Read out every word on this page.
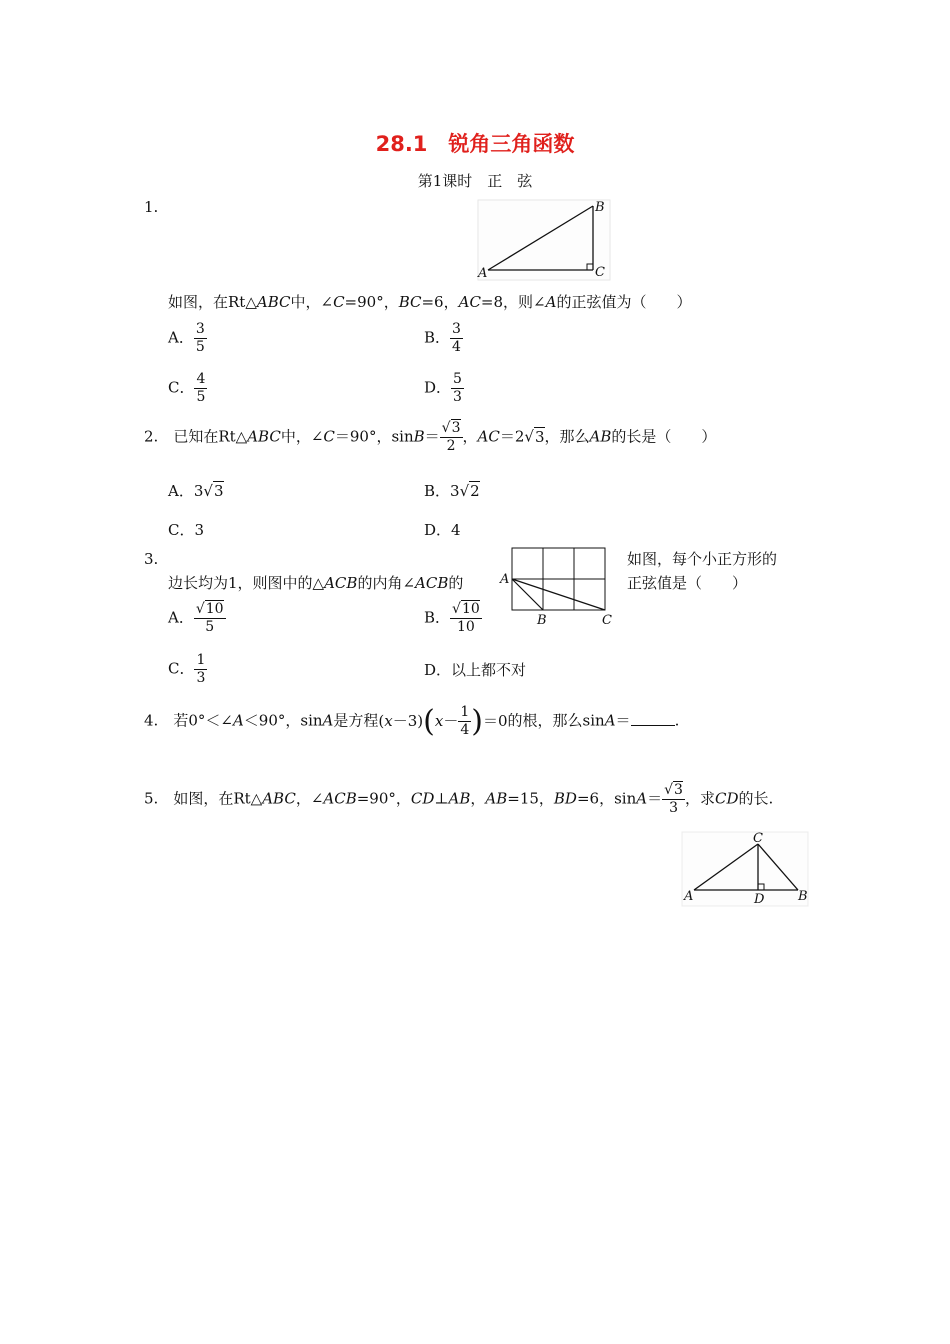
28.1　锐角三角函数
第1课时　正　弦
1.
A
B
C
如图，在Rt△ABC中，∠C=90°，BC=6，AC=8，则∠A的正弦值为（　　）
A． $\frac{3}{5}$	B． $\frac{3}{4}$
C． $\frac{4}{5}$	D． $\frac{5}{3}$
2.　 已知在Rt△ABC中，∠C＝90°，$\sin B= \frac{√3}{2}$ ，AC＝2√3，那么AB的长是（　　）
A．3√3	B．3√2
C．3	D．4
3.
A
B	C
如图，每个小正方形的
边长均为1，则图中的△ACB的内角∠ACB的	正弦值是（　　）
A． $\frac{√10}{5}$	B． $\frac{√10}{10}$
C． $\frac{1}{3}$	D．以上都不对
4.　 若0°＜∠A＜90°，sinA是方程$(x-3)(x- \frac{1}{4} )=0$的根，那么sinA＝	.
5.　 如图，在Rt△ABC，∠ACB=90°，CD⊥AB，AB=15，BD=6，$\sin A= \frac{√3}{3}$ ，求CD的长.
A	B
C
D
